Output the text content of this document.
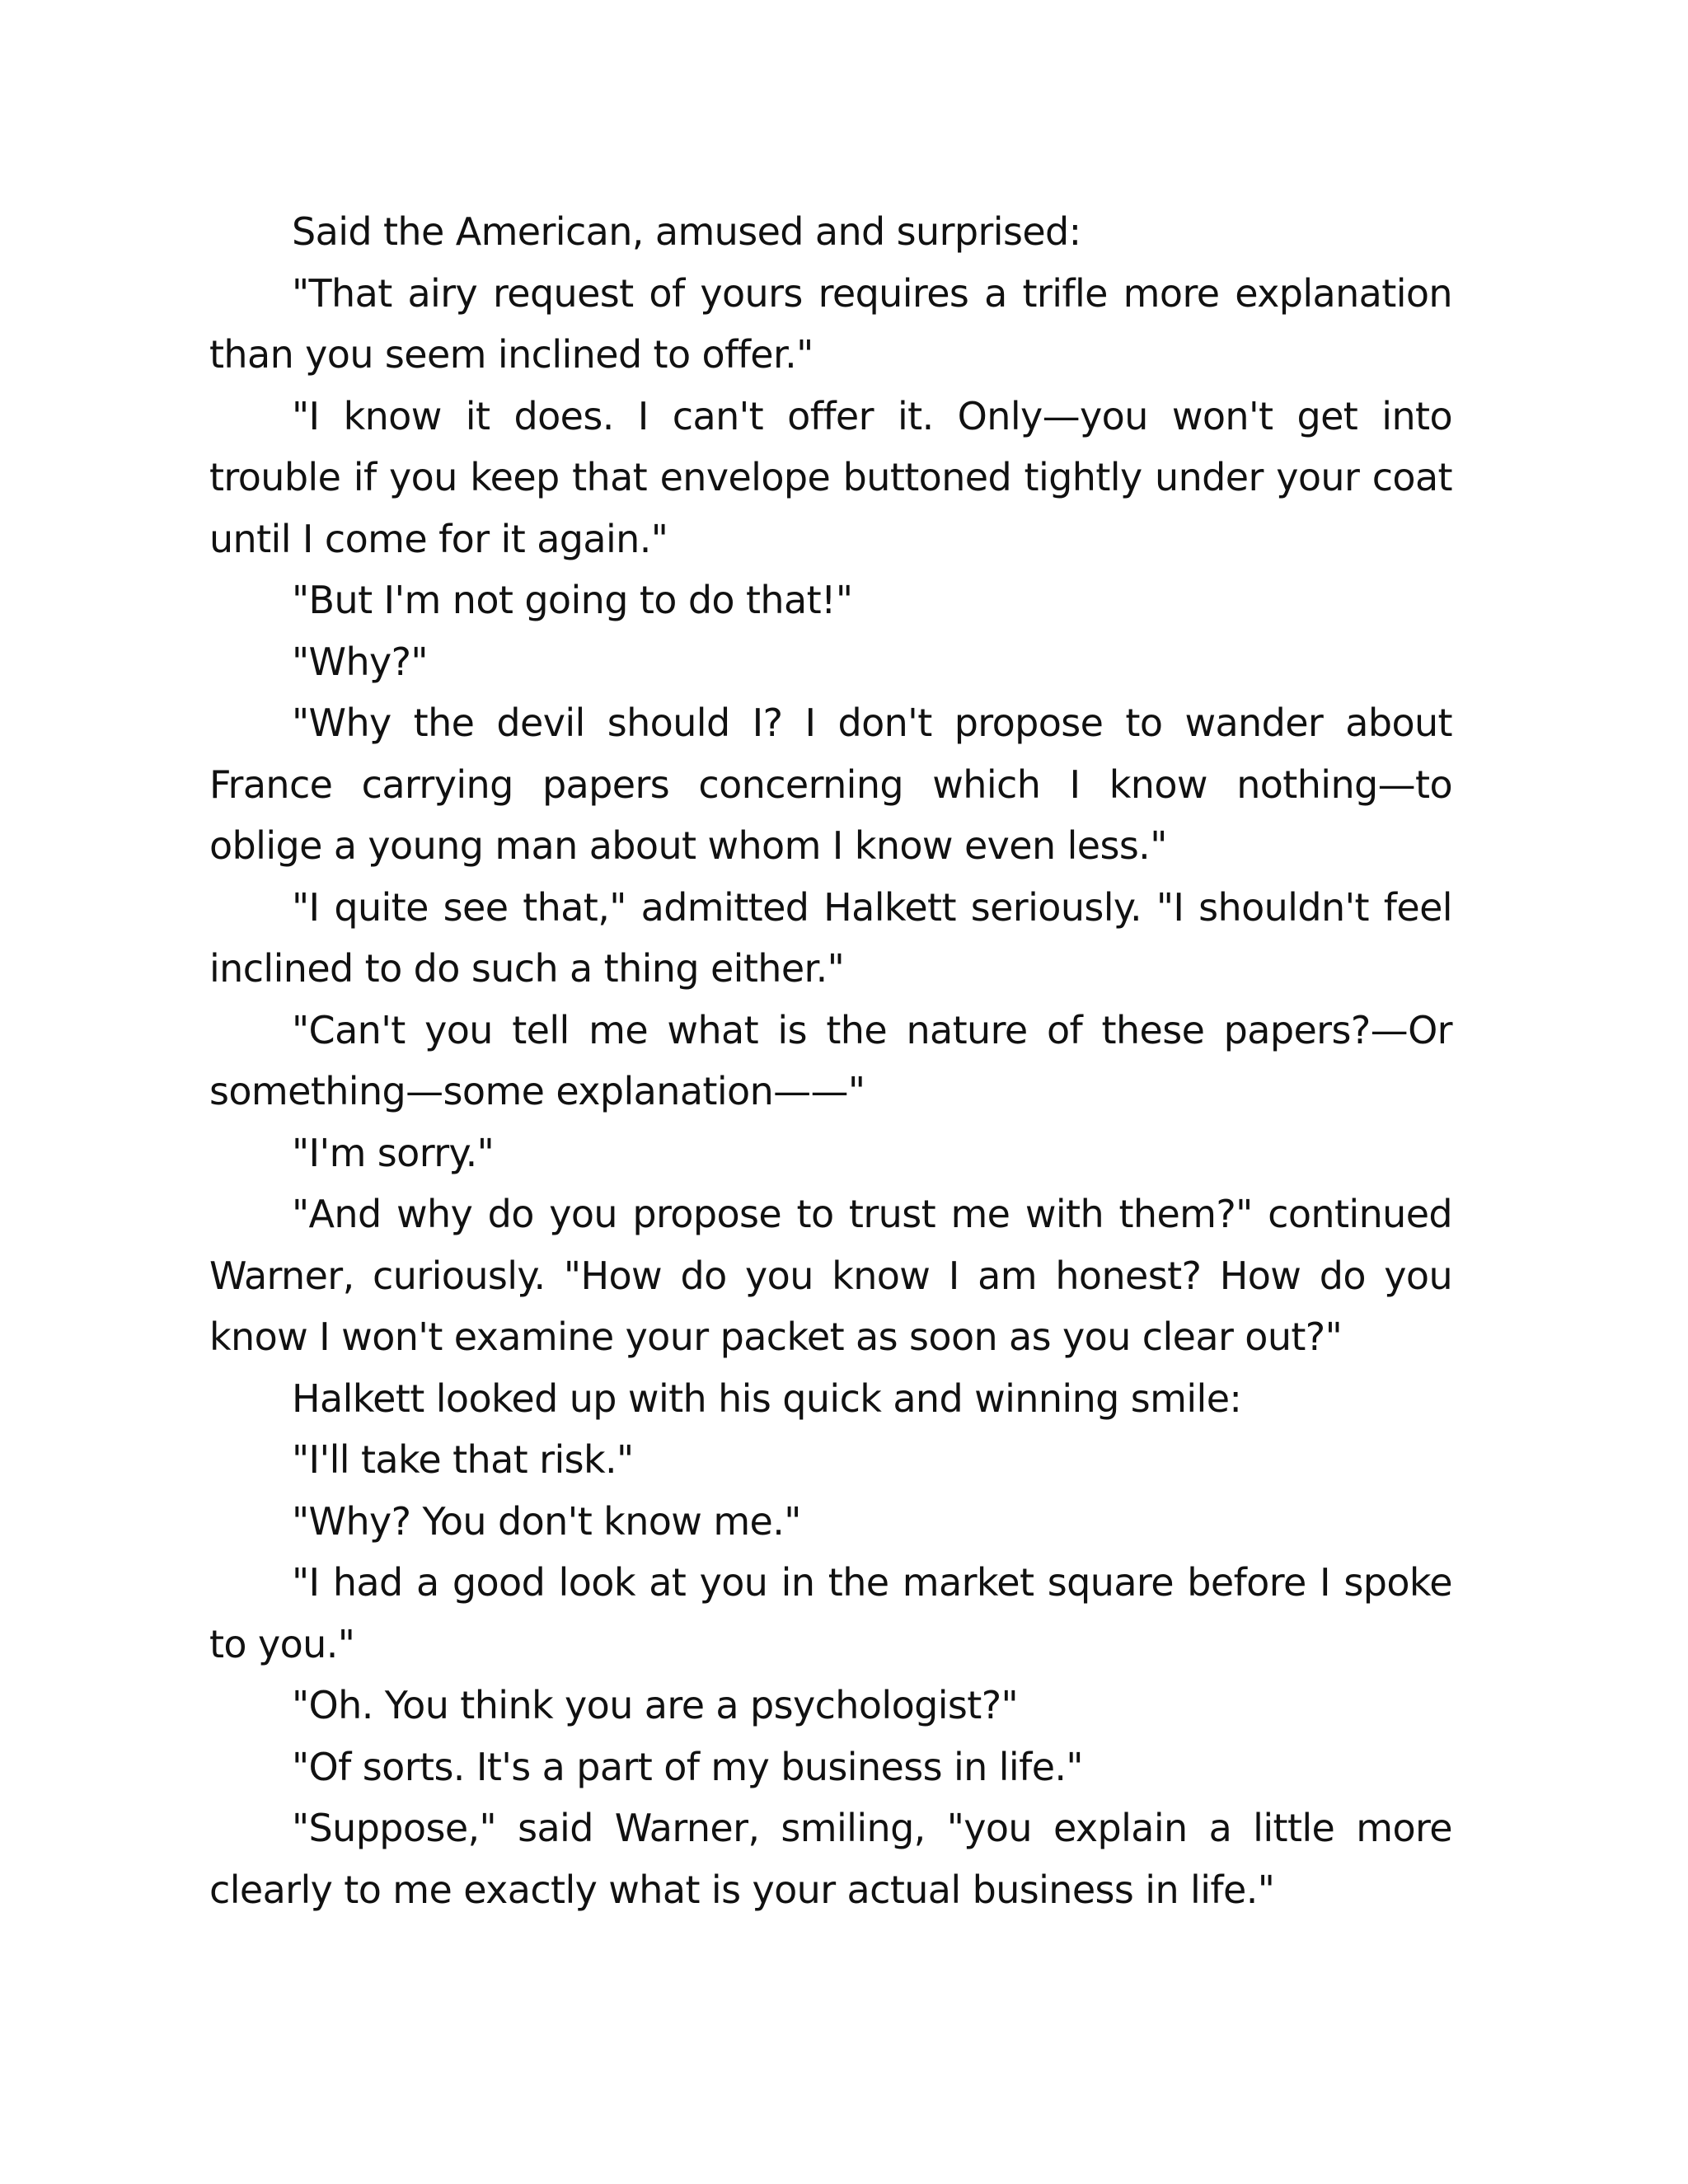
Said the American, amused and surprised:

"That airy request of yours requires a trifle more explanation than you seem inclined to offer."

"I know it does. I can't offer it. Only—you won't get into trouble if you keep that envelope buttoned tightly under your coat until I come for it again."

"But I'm not going to do that!"

"Why?"

"Why the devil should I? I don't propose to wander about France carrying papers concerning which I know nothing—to oblige a young man about whom I know even less."

"I quite see that," admitted Halkett seriously. "I shouldn't feel inclined to do such a thing either."

"Can't you tell me what is the nature of these papers?—Or something—some explanation——"

"I'm sorry."

"And why do you propose to trust me with them?" continued Warner, curiously. "How do you know I am honest? How do you know I won't examine your packet as soon as you clear out?"

Halkett looked up with his quick and winning smile:

"I'll take that risk."

"Why? You don't know me."

"I had a good look at you in the market square before I spoke to you."

"Oh. You think you are a psychologist?"

"Of sorts. It's a part of my business in life."

"Suppose," said Warner, smiling, "you explain a little more clearly to me exactly what is your actual business in life."
